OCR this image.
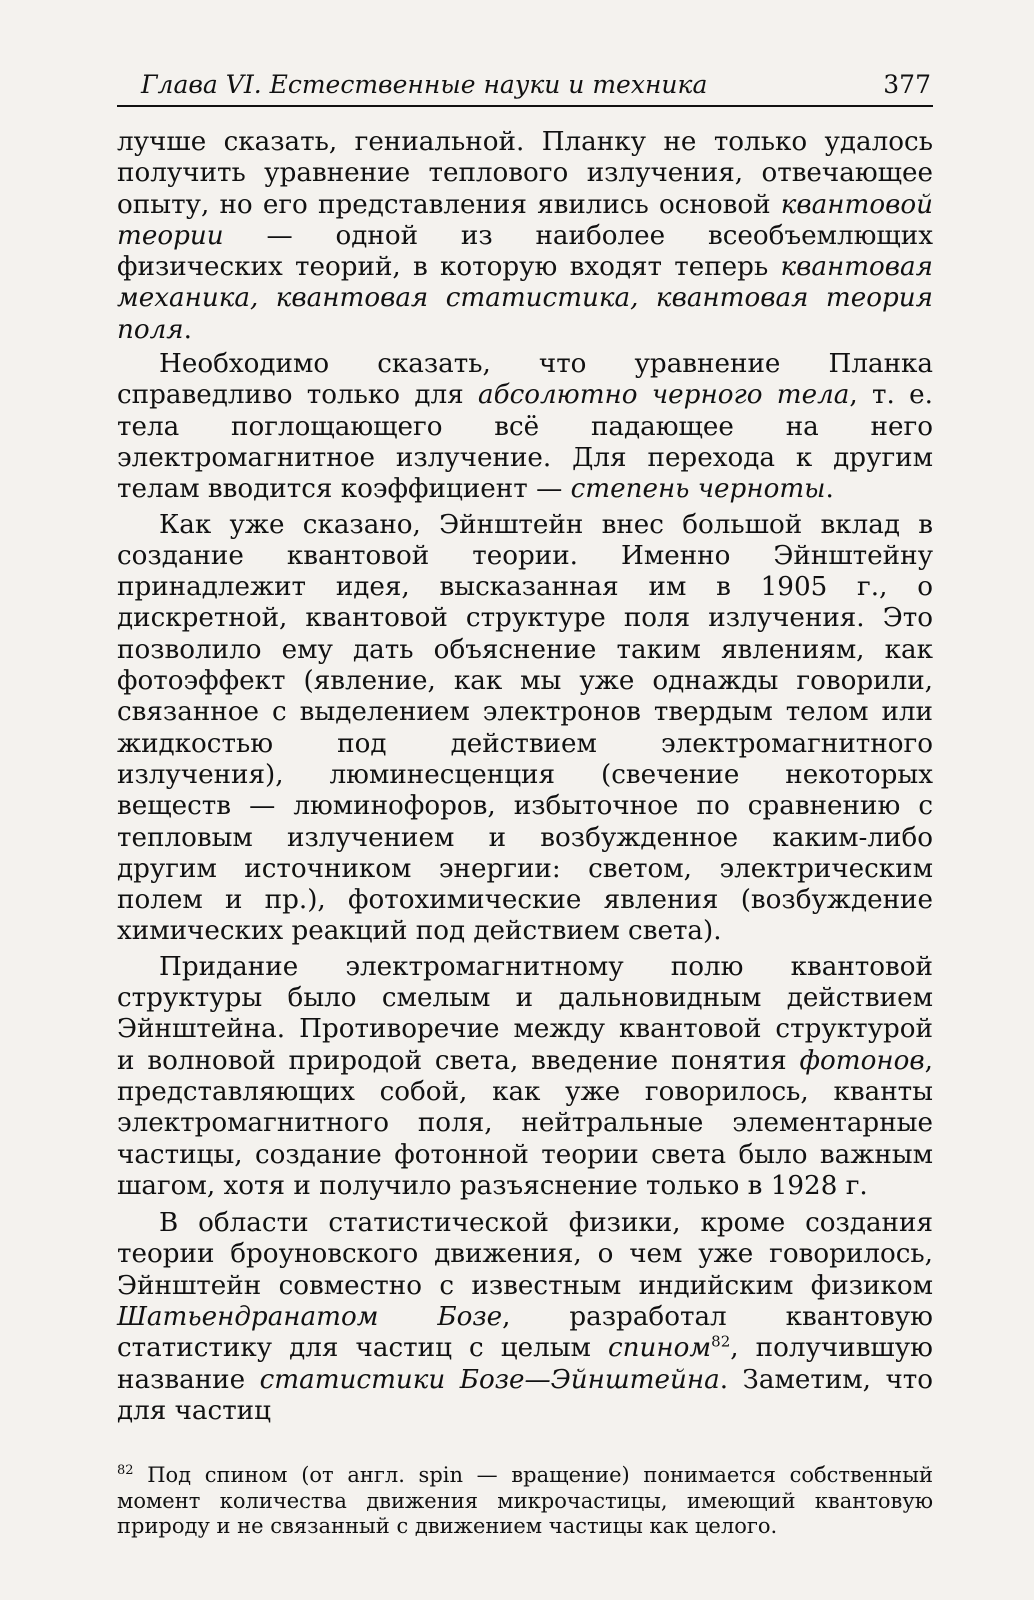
Глава VI. Естественные науки и техника	377

лучше сказать, гениальной. Планку не только удалось получить уравнение теплового излучения, отвечающее опыту, но его представления явились основой квантовой теории — одной из наиболее всеобъемлющих физических теорий, в которую входят теперь квантовая механика, квантовая статистика, квантовая теория поля.

Необходимо сказать, что уравнение Планка справедливо только для абсолютно черного тела, т. е. тела поглощающего всё падающее на него электромагнитное излучение. Для перехода к другим телам вводится коэффициент — степень черноты.

Как уже сказано, Эйнштейн внес большой вклад в создание квантовой теории. Именно Эйнштейну принадлежит идея, высказанная им в 1905 г., о дискретной, квантовой структуре поля излучения. Это позволило ему дать объяснение таким явлениям, как фотоэффект (явление, как мы уже однажды говорили, связанное с выделением электронов твердым телом или жидкостью под действием электромагнитного излучения), люминесценция (свечение некоторых веществ — люминофоров, избыточное по сравнению с тепловым излучением и возбужденное каким-либо другим источником энергии: светом, электрическим полем и пр.), фотохимические явления (возбуждение химических реакций под действием света).

Придание электромагнитному полю квантовой структуры было смелым и дальновидным действием Эйнштейна. Противоречие между квантовой структурой и волновой природой света, введение понятия фотонов, представляющих собой, как уже говорилось, кванты электромагнитного поля, нейтральные элементарные частицы, создание фотонной теории света было важным шагом, хотя и получило разъяснение только в 1928 г.

В области статистической физики, кроме создания теории броуновского движения, о чем уже говорилось, Эйнштейн совместно с известным индийским физиком Шатьендранатом Бозе, разработал квантовую статистику для частиц с целым спином$^{82}$, получившую название статистики Бозе—Эйнштейна. Заметим, что для частиц

$^{82}$ Под спином (от англ. spin — вращение) понимается собственный момент количества движения микрочастицы, имеющий квантовую природу и не связанный с движением частицы как целого.
